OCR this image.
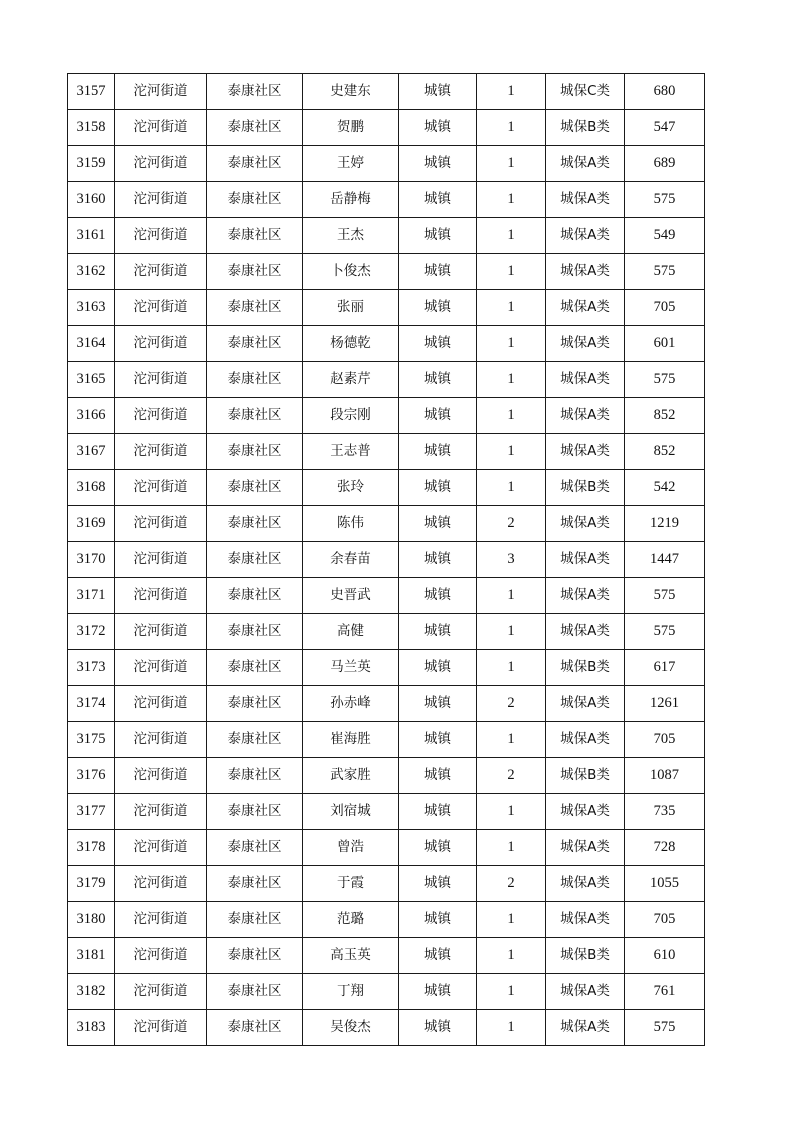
3157	沱河街道	泰康社区	史建东	城镇	1	城保C类	680
3158	沱河街道	泰康社区	贺鹏	城镇	1	城保B类	547
3159	沱河街道	泰康社区	王婷	城镇	1	城保A类	689
3160	沱河街道	泰康社区	岳静梅	城镇	1	城保A类	575
3161	沱河街道	泰康社区	王杰	城镇	1	城保A类	549
3162	沱河街道	泰康社区	卜俊杰	城镇	1	城保A类	575
3163	沱河街道	泰康社区	张丽	城镇	1	城保A类	705
3164	沱河街道	泰康社区	杨德乾	城镇	1	城保A类	601
3165	沱河街道	泰康社区	赵素芹	城镇	1	城保A类	575
3166	沱河街道	泰康社区	段宗刚	城镇	1	城保A类	852
3167	沱河街道	泰康社区	王志普	城镇	1	城保A类	852
3168	沱河街道	泰康社区	张玲	城镇	1	城保B类	542
3169	沱河街道	泰康社区	陈伟	城镇	2	城保A类	1219
3170	沱河街道	泰康社区	余春苗	城镇	3	城保A类	1447
3171	沱河街道	泰康社区	史晋武	城镇	1	城保A类	575
3172	沱河街道	泰康社区	高健	城镇	1	城保A类	575
3173	沱河街道	泰康社区	马兰英	城镇	1	城保B类	617
3174	沱河街道	泰康社区	孙赤峰	城镇	2	城保A类	1261
3175	沱河街道	泰康社区	崔海胜	城镇	1	城保A类	705
3176	沱河街道	泰康社区	武家胜	城镇	2	城保B类	1087
3177	沱河街道	泰康社区	刘宿城	城镇	1	城保A类	735
3178	沱河街道	泰康社区	曾浩	城镇	1	城保A类	728
3179	沱河街道	泰康社区	于霞	城镇	2	城保A类	1055
3180	沱河街道	泰康社区	范璐	城镇	1	城保A类	705
3181	沱河街道	泰康社区	高玉英	城镇	1	城保B类	610
3182	沱河街道	泰康社区	丁翔	城镇	1	城保A类	761
3183	沱河街道	泰康社区	吴俊杰	城镇	1	城保A类	575
